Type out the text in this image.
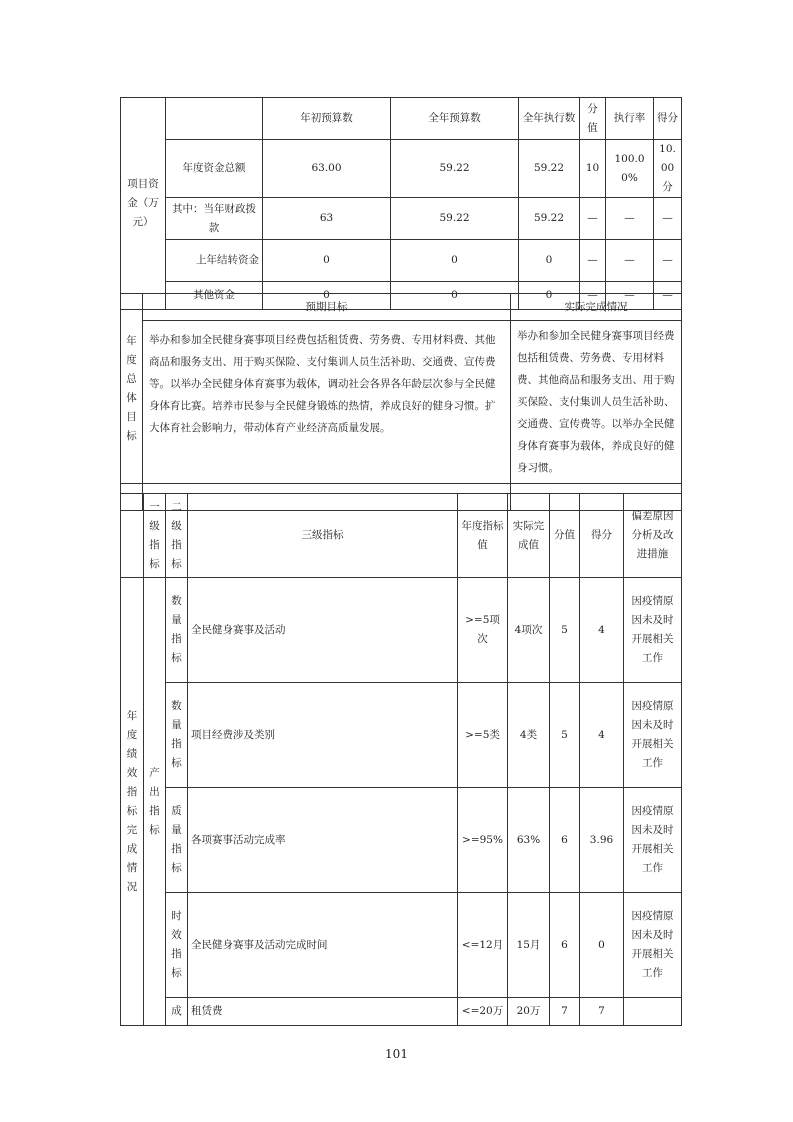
项目资金（万元）		年初预算数	全年预算数	全年执行数	分值	执行率	得分
	年度资金总额	63.00	59.22	59.22	10	100.00%	10.00分
	其中：当年财政拨款	63	59.22	59.22	—	—	—
	上年结转资金	0	0	0	—	—	—
	其他资金	0	0	0	—	—	—
年度总体目标	预期目标	实际完成情况
	举办和参加全民健身赛事项目经费包括租赁费、劳务费、专用材料费、其他商品和服务支出、用于购买保险、支付集训人员生活补助、交通费、宣传费等。以举办全民健身体育赛事为载体，调动社会各界各年龄层次参与全民健身体育比赛。培养市民参与全民健身锻炼的热情，养成良好的健身习惯。扩大体育社会影响力，带动体育产业经济高质量发展。	举办和参加全民健身赛事项目经费包括租赁费、劳务费、专用材料费、其他商品和服务支出、用于购买保险、支付集训人员生活补助、交通费、宣传费等。以举办全民健身体育赛事为载体，养成良好的健身习惯。

	一级指标	二级指标	三级指标	年度指标值	实际完成值	分值	得分	偏差原因分析及改进措施
年度绩效指标完成情况	产出指标	数量指标	全民健身赛事及活动	>=5项次	4项次	5	4	因疫情原因未及时开展相关工作
		数量指标	项目经费涉及类别	>=5类	4类	5	4	因疫情原因未及时开展相关工作
		质量指标	各项赛事活动完成率	>=95%	63%	6	3.96	因疫情原因未及时开展相关工作
		时效指标	全民健身赛事及活动完成时间	<=12月	15月	6	0	因疫情原因未及时开展相关工作
		成	租赁费	<=20万	20万	7	7	
101
